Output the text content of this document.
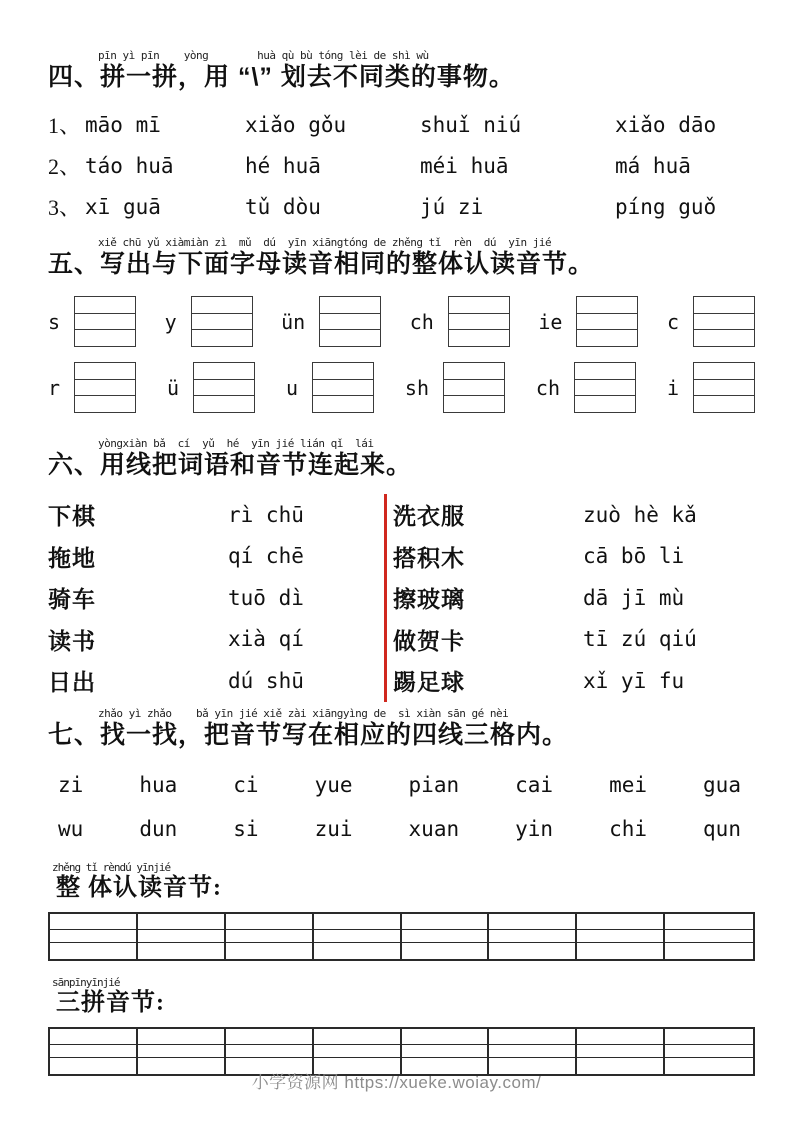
pīn yì pīn    yòng        huà qù bù tóng lèi de shì wù
四、拼一拼，用 “\” 划去不同类的事物。
1、 māo mī	xiǎo gǒu	shuǐ niú	xiǎo dāo
2、 táo huā	hé huā	méi huā	má huā
3、 xī guā	tǔ dòu	jú zi	píng guǒ
xiě chū yǔ xiàmiàn zì  mǔ  dú  yīn xiāngtóng de zhěng tǐ  rèn  dú  yīn jié
五、写出与下面字母读音相同的整体认读音节。
s	y	ün	ch	ie	c
r	ü	u	sh	ch	i
yòngxiàn bǎ  cí  yǔ  hé  yīn jié lián qǐ  lái
六、用线把词语和音节连起来。
下棋	rì chū
拖地	qí chē
骑车	tuō dì
读书	xià qí
日出	dú shū
洗衣服	zuò hè kǎ
搭积木	cā bō li
擦玻璃	dā jī mù
做贺卡	tī zú qiú
踢足球	xǐ yī fu
zhǎo yì zhǎo    bǎ yīn jié xiě zài xiāngyìng de  sì xiàn sān gé nèi
七、找一找，把音节写在相应的四线三格内。
zi	hua	ci	yue	pian	cai	mei	gua
wu	dun	si	zui	xuan	yin	chi	qun
zhěng tǐ rèndú yīnjié
整 体认读音节:
sānpīnyīnjié
三拼音节:
小学资源网 https://xueke.woiay.com/
